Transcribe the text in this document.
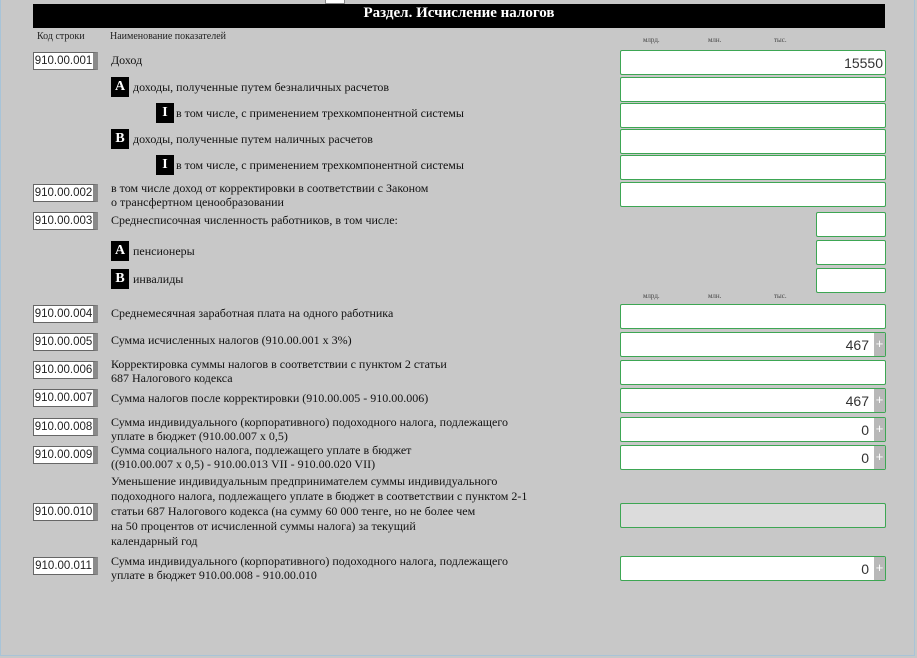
Раздел. Исчисление налогов
Код строки	Наименование показателей	млрд.	млн.	тыс.
910.00.001	Доход	15550
A доходы, полученные путем безналичных расчетов
I в том числе, с применением трехкомпонентной системы
B доходы, полученные путем наличных расчетов
I в том числе, с применением трехкомпонентной системы
910.00.002	в том числе доход от корректировки в соответствии с Законом
о трансфертном ценообразовании
910.00.003	Среднесписочная численность работников, в том числе:
A пенсионеры
B инвалиды
млрд.	млн.	тыс.
910.00.004	Среднемесячная заработная плата на одного работника
910.00.005	Сумма исчисленных налогов (910.00.001 х 3%)	467 +
910.00.006	Корректировка суммы налогов в соответствии с пунктом 2 статьи
687 Налогового кодекса
910.00.007	Сумма налогов после корректировки (910.00.005 - 910.00.006)	467 +
910.00.008	Сумма индивидуального (корпоративного) подоходного налога, подлежащего
уплате в бюджет (910.00.007 х 0,5)	0 +
910.00.009	Сумма социального налога, подлежащего уплате в бюджет
((910.00.007 х 0,5) - 910.00.013 VII - 910.00.020 VII)	0 +
910.00.010
Уменьшение индивидуальным предпринимателем суммы индивидуального
подоходного налога, подлежащего уплате в бюджет в соответствии с пунктом 2-1
статьи 687 Налогового кодекса (на сумму 60 000 тенге, но не более чем
на 50 процентов от исчисленной суммы налога) за текущий
календарный год
910.00.011	Сумма индивидуального (корпоративного) подоходного налога, подлежащего
уплате в бюджет 910.00.008 - 910.00.010	0 +
